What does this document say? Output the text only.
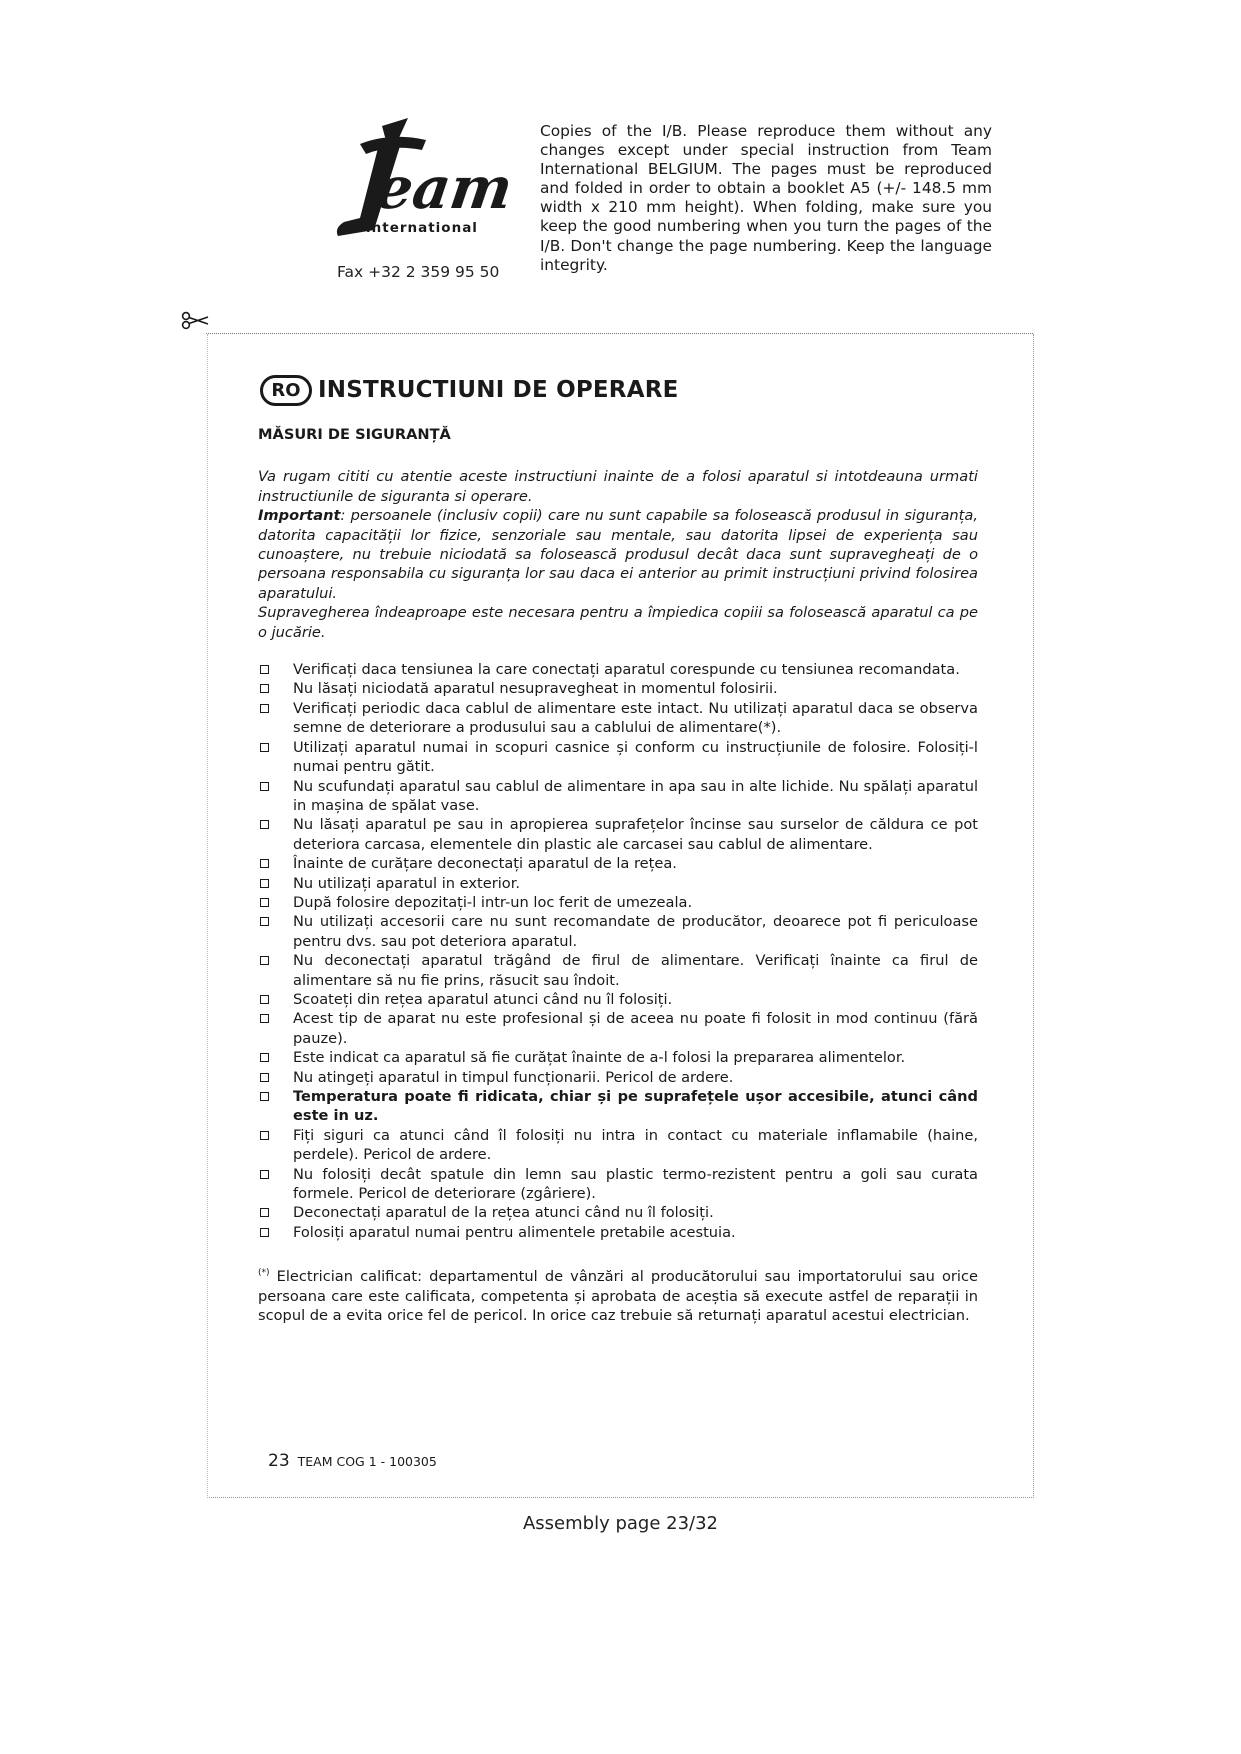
eam
international
Fax +32 2 359 95 50
Copies of the I/B. Please reproduce them without any changes except under special instruction from Team International BELGIUM. The pages must be reproduced and folded in order to obtain a booklet A5 (+/- 148.5 mm width x 210 mm height). When folding, make sure you keep the good numbering when you turn the pages of the I/B. Don't change the page numbering. Keep the language integrity.
RO INSTRUCTIUNI DE OPERARE
MĂSURI DE SIGURANȚĂ

Va rugam cititi cu atentie aceste instructiuni inainte de a folosi aparatul si intotdeauna urmati instructiunile de siguranta si operare.

Important: persoanele (inclusiv copii) care nu sunt capabile sa folosească produsul in siguranța, datorita capacității lor fizice, senzoriale sau mentale, sau datorita lipsei de experiența sau cunoaștere, nu trebuie niciodată sa folosească produsul decât daca sunt supravegheați de o persoana responsabila cu siguranța lor sau daca ei anterior au primit instrucțiuni privind folosirea aparatului.

Supravegherea îndeaproape este necesara pentru a împiedica copiii sa folosească aparatul ca pe o jucărie.

Verificați daca tensiunea la care conectați aparatul corespunde cu tensiunea recomandata.
Nu lăsați niciodată aparatul nesupravegheat in momentul folosirii.
Verificați periodic daca cablul de alimentare este intact. Nu utilizați aparatul daca se observa semne de deteriorare a produsului sau a cablului de alimentare(*).
Utilizați aparatul numai in scopuri casnice și conform cu instrucțiunile de folosire. Folosiți-l numai pentru gătit.
Nu scufundați aparatul sau cablul de alimentare in apa sau in alte lichide. Nu spălați aparatul in mașina de spălat vase.
Nu lăsați aparatul pe sau in apropierea suprafețelor încinse sau surselor de căldura ce pot deteriora carcasa, elementele din plastic ale carcasei sau cablul de alimentare.
Înainte de curățare deconectați aparatul de la rețea.
Nu utilizați aparatul in exterior.
După folosire depozitați-l intr-un loc ferit de umezeala.
Nu utilizați accesorii care nu sunt recomandate de producător, deoarece pot fi periculoase pentru dvs. sau pot deteriora aparatul.
Nu deconectați aparatul trăgând de firul de alimentare. Verificați înainte ca firul de alimentare să nu fie prins, răsucit sau îndoit.
Scoateți din rețea aparatul atunci când nu îl folosiți.
Acest tip de aparat nu este profesional și de aceea nu poate fi folosit in mod continuu (fără pauze).
Este indicat ca aparatul să fie curățat înainte de a-l folosi la prepararea alimentelor.
Nu atingeți aparatul in timpul funcționarii. Pericol de ardere.
Temperatura poate fi ridicata, chiar și pe suprafețele ușor accesibile, atunci când este in uz.
Fiți siguri ca atunci când îl folosiți nu intra in contact cu materiale inflamabile (haine, perdele). Pericol de ardere.
Nu folosiți decât spatule din lemn sau plastic termo-rezistent pentru a goli sau curata formele. Pericol de deteriorare (zgâriere).
Deconectați aparatul de la rețea atunci când nu îl folosiți.
Folosiți aparatul numai pentru alimentele pretabile acestuia.
(*) Electrician calificat: departamentul de vânzări al producătorului sau importatorului sau orice persoana care este calificata, competenta și aprobata de aceștia să execute astfel de reparații in scopul de a evita orice fel de pericol. In orice caz trebuie să returnați aparatul acestui electrician.
23 TEAM COG 1 - 100305
Assembly page 23/32
